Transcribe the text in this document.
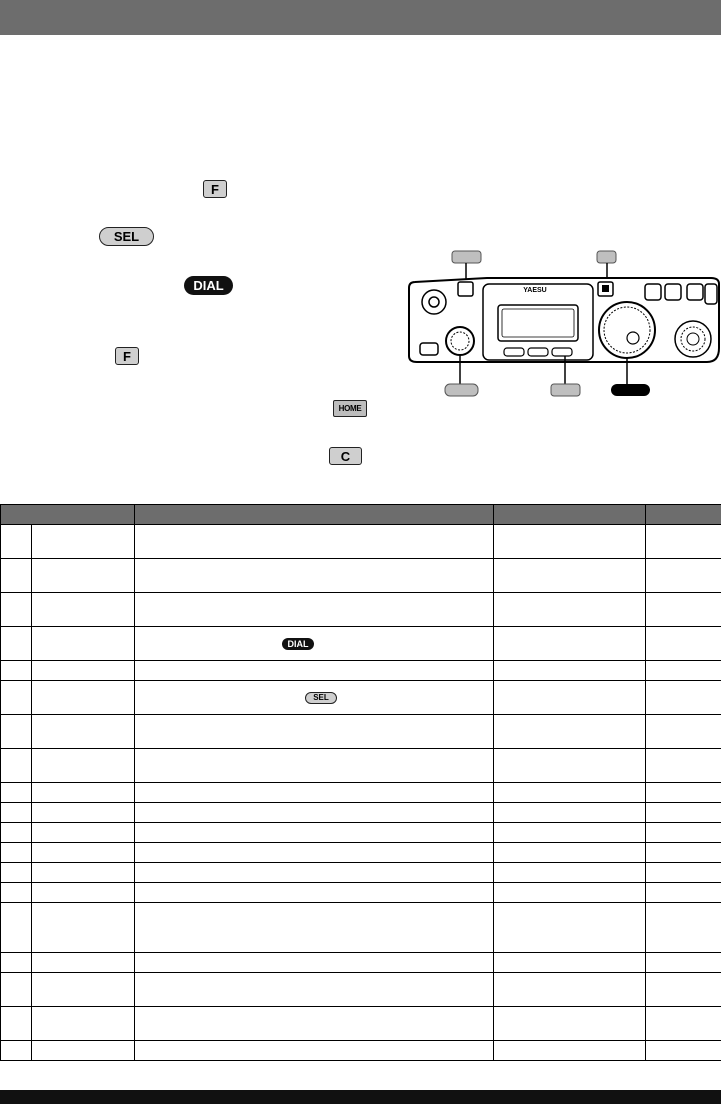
F
SEL
DIAL
F
HOME
C
YAESU

		DIAL		

		SEL		
